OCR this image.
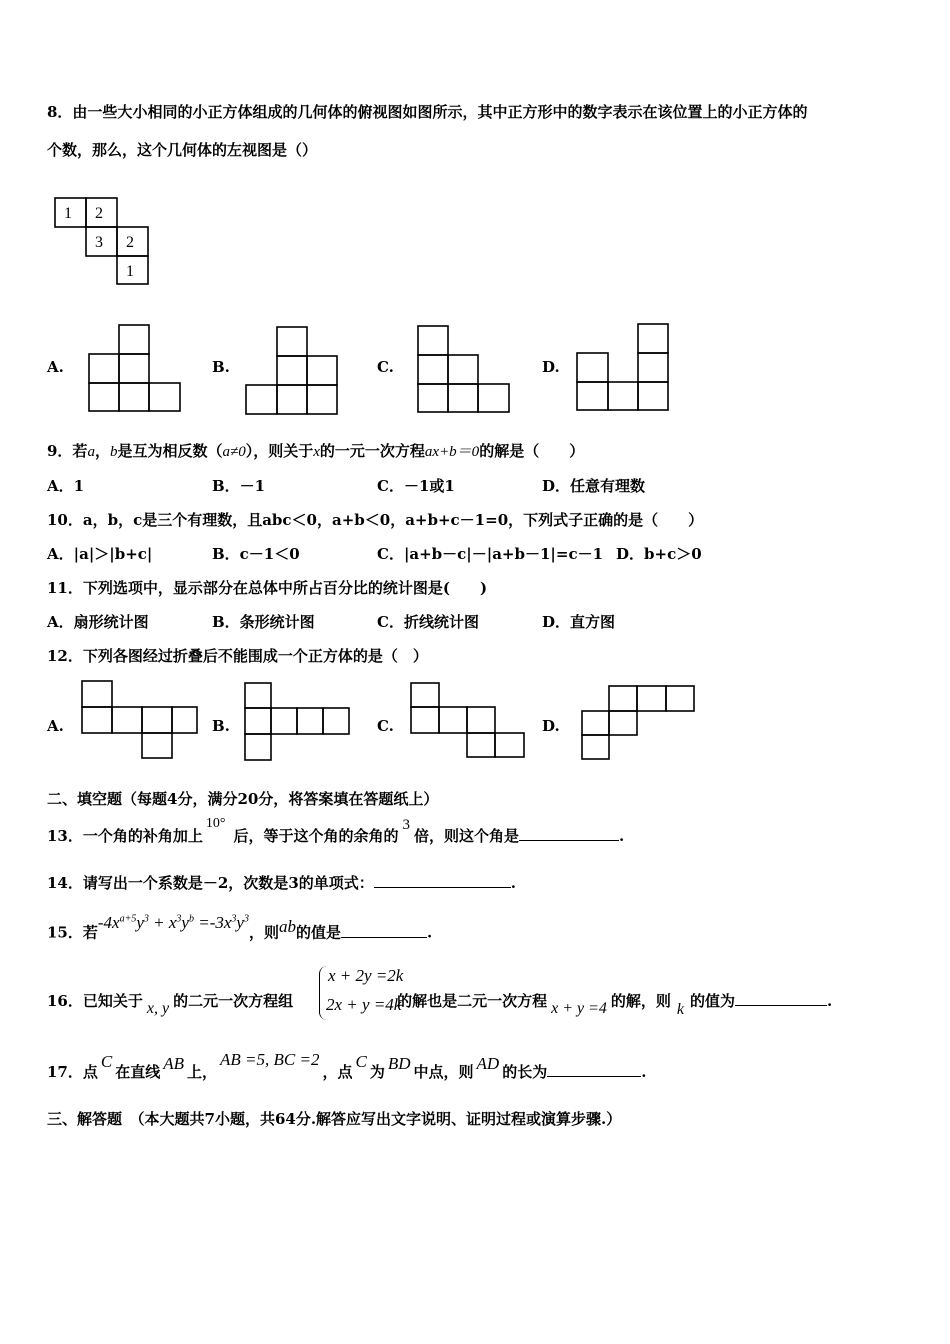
8．由一些大小相同的小正方体组成的几何体的俯视图如图所示，其中正方形中的数字表示在该位置上的小正方体的
个数，那么，这个几何体的左视图是（）
1 2
3 2
1
A.	B.	C.	D.
9．若a，b是互为相反数（a≠0），则关于x的一元一次方程ax+b＝0的解是（　　）
A．1	B．－1	C．－1或1	D．任意有理数
10．a，b，c是三个有理数，且abc＜0，a+b＜0，a+b+c－1=0，下列式子正确的是（　　）
A．|a|＞|b+c|	B．c－1＜0	C．|a+b－c|－|a+b－1|=c－1 D．b+c＞0
11．下列选项中，显示部分在总体中所占百分比的统计图是(　　)
A．扇形统计图	B．条形统计图	C．折线统计图	D．直方图
12．下列各图经过折叠后不能围成一个正方体的是（　）
A.	B.	C.	D.
二、填空题（每题4分，满分20分，将答案填在答题纸上）
13．一个角的补角加上10°后，等于这个角的余角的3倍，则这个角是	.
14．请写出一个系数是－2，次数是3的单项式：	.
15．若$-4x^{a+5}y^3 + x^3y^b =-3x^3y^3$，则ab的值是	.
16．已知关于 x, y 的二元一次方程组	的解也是二元一次方程 x + y =4 的解，则 k 的值为	.
x + 2y =2k
2x + y =4k
17．点C在直线 AB 上，AB =5, BC =2，点C为 BD 中点，则 AD 的长为	.
三、解答题　（本大题共7小题，共64分.解答应写出文字说明、证明过程或演算步骤.）
